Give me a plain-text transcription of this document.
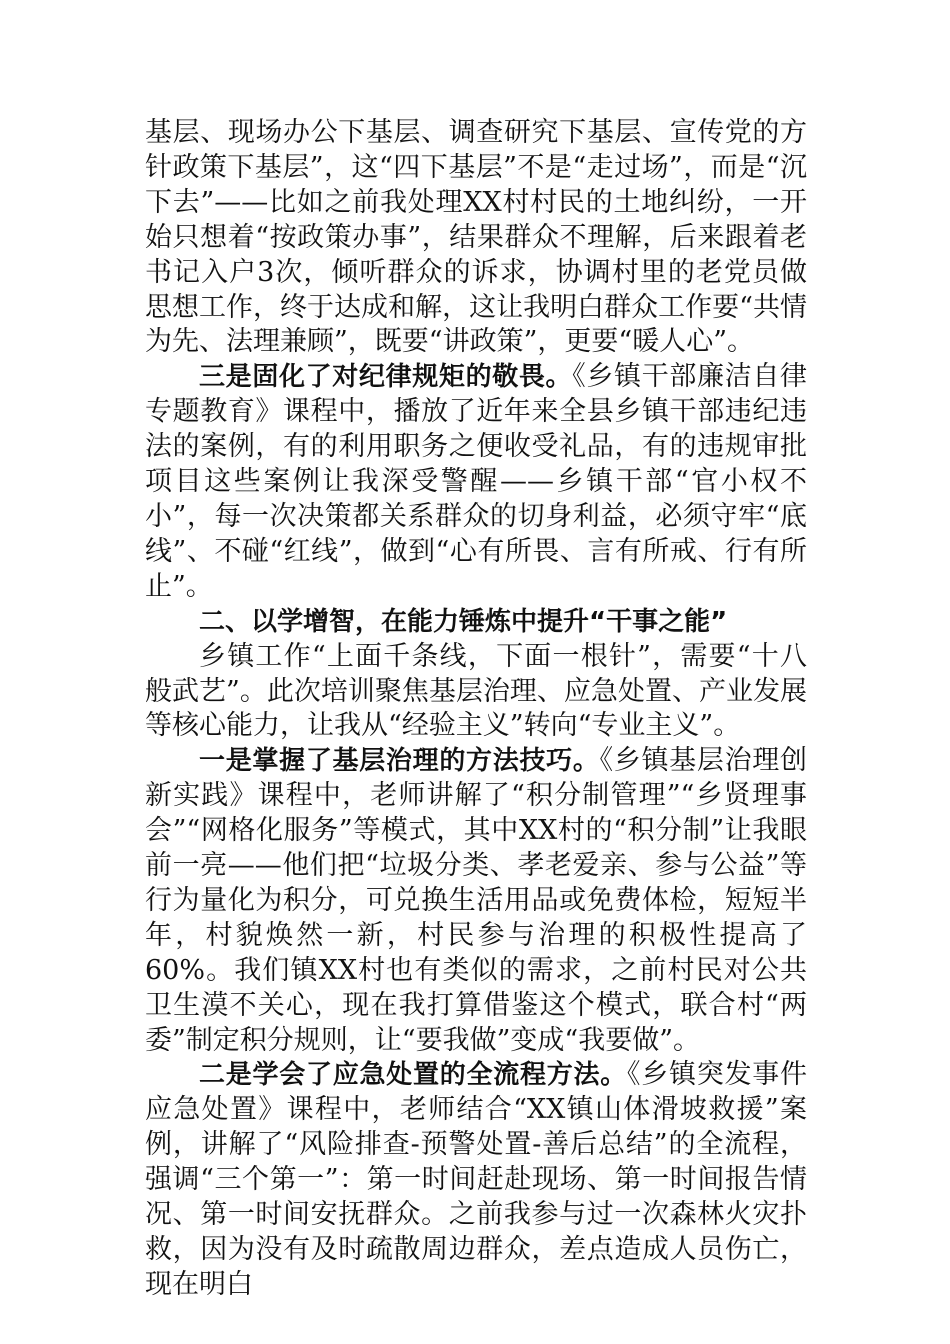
基层、现场办公下基层、调查研究下基层、宣传党的方针政策下基层”，这“四下基层”不是“走过场”，而是“沉下去”——比如之前我处理XX村村民的土地纠纷，一开始只想着“按政策办事”，结果群众不理解，后来跟着老书记入户3次，倾听群众的诉求，协调村里的老党员做思想工作，终于达成和解，这让我明白群众工作要“共情为先、法理兼顾”，既要“讲政策”，更要“暖人心”。

三是固化了对纪律规矩的敬畏。《乡镇干部廉洁自律专题教育》课程中，播放了近年来全县乡镇干部违纪违法的案例，有的利用职务之便收受礼品，有的违规审批项目这些案例让我深受警醒——乡镇干部“官小权不小”，每一次决策都关系群众的切身利益，必须守牢“底线”、不碰“红线”，做到“心有所畏、言有所戒、行有所止”。

二、以学增智，在能力锤炼中提升“干事之能”

乡镇工作“上面千条线，下面一根针”，需要“十八般武艺”。此次培训聚焦基层治理、应急处置、产业发展等核心能力，让我从“经验主义”转向“专业主义”。

一是掌握了基层治理的方法技巧。《乡镇基层治理创新实践》课程中，老师讲解了“积分制管理”“乡贤理事会”“网格化服务”等模式，其中XX村的“积分制”让我眼前一亮——他们把“垃圾分类、孝老爱亲、参与公益”等行为量化为积分，可兑换生活用品或免费体检，短短半年，村貌焕然一新，村民参与治理的积极性提高了60%。我们镇XX村也有类似的需求，之前村民对公共卫生漠不关心，现在我打算借鉴这个模式，联合村“两委”制定积分规则，让“要我做”变成“我要做”。

二是学会了应急处置的全流程方法。《乡镇突发事件应急处置》课程中，老师结合“XX镇山体滑坡救援”案例，讲解了“风险排查-预警处置-善后总结”的全流程，强调“三个第一”：第一时间赶赴现场、第一时间报告情况、第一时间安抚群众。之前我参与过一次森林火灾扑救，因为没有及时疏散周边群众，差点造成人员伤亡，现在明白
